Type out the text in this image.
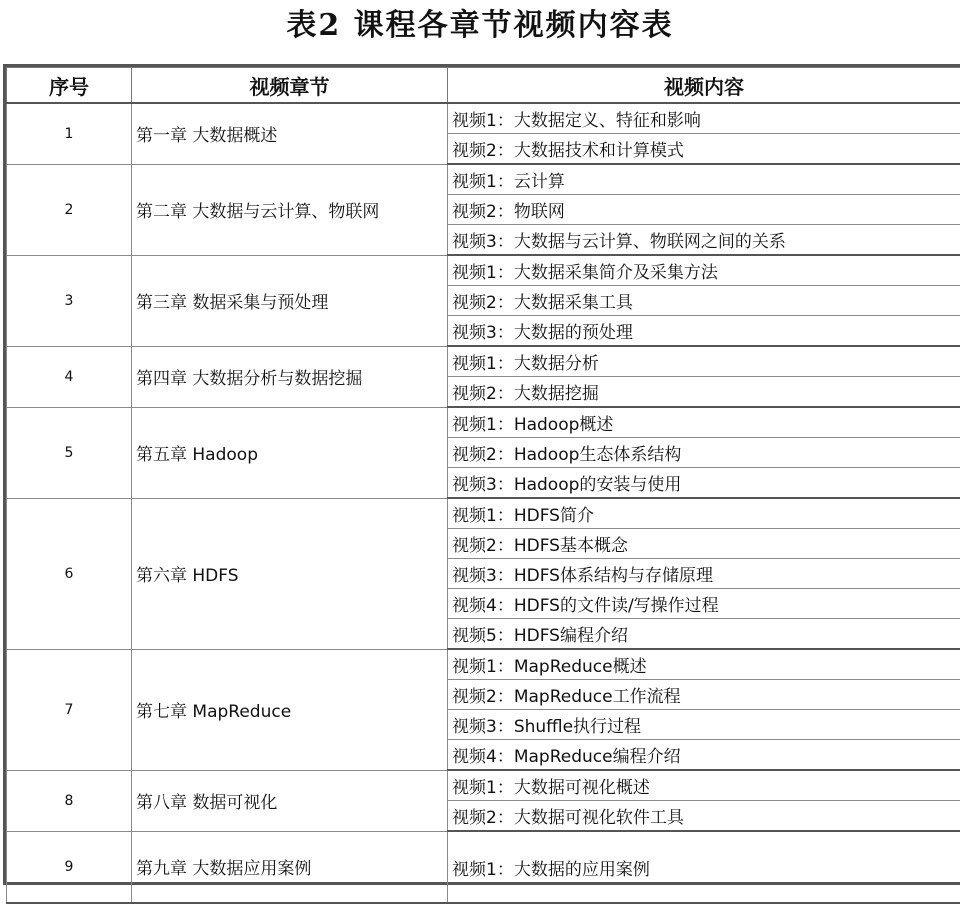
表2 课程各章节视频内容表
序号	视频章节	视频内容
1	第一章 大数据概述	视频1：大数据定义、特征和影响
		视频2：大数据技术和计算模式
2	第二章 大数据与云计算、物联网	视频1：云计算
		视频2：物联网
		视频3：大数据与云计算、物联网之间的关系
3	第三章 数据采集与预处理	视频1：大数据采集简介及采集方法
		视频2：大数据采集工具
		视频3：大数据的预处理
4	第四章 大数据分析与数据挖掘	视频1：大数据分析
		视频2：大数据挖掘
5	第五章 Hadoop	视频1：Hadoop概述
		视频2：Hadoop生态体系结构
		视频3：Hadoop的安装与使用
6	第六章 HDFS	视频1：HDFS简介
		视频2：HDFS基本概念
		视频3：HDFS体系结构与存储原理
		视频4：HDFS的文件读/写操作过程
		视频5：HDFS编程介绍
7	第七章 MapReduce	视频1：MapReduce概述
		视频2：MapReduce工作流程
		视频3：Shuffle执行过程
		视频4：MapReduce编程介绍
8	第八章 数据可视化	视频1：大数据可视化概述
		视频2：大数据可视化软件工具
9	第九章 大数据应用案例	视频1：大数据的应用案例
